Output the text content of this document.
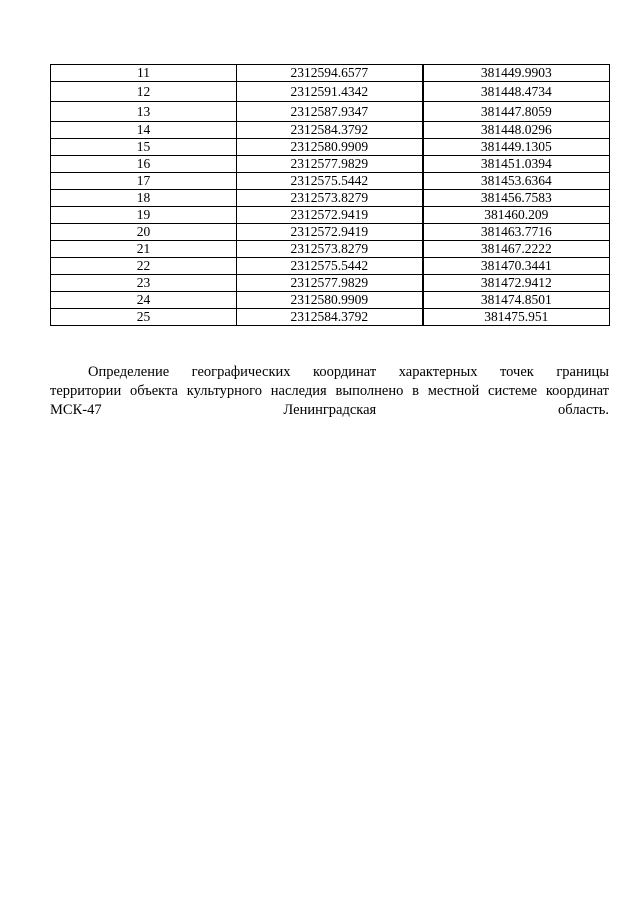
11	2312594.6577	381449.9903
12	2312591.4342	381448.4734
13	2312587.9347	381447.8059
14	2312584.3792	381448.0296
15	2312580.9909	381449.1305
16	2312577.9829	381451.0394
17	2312575.5442	381453.6364
18	2312573.8279	381456.7583
19	2312572.9419	381460.209
20	2312572.9419	381463.7716
21	2312573.8279	381467.2222
22	2312575.5442	381470.3441
23	2312577.9829	381472.9412
24	2312580.9909	381474.8501
25	2312584.3792	381475.951
Определение географических координат характерных точек границы
территории объекта культурного наследия выполнено в местной системе координат
МСК-47 Ленинградская область.
